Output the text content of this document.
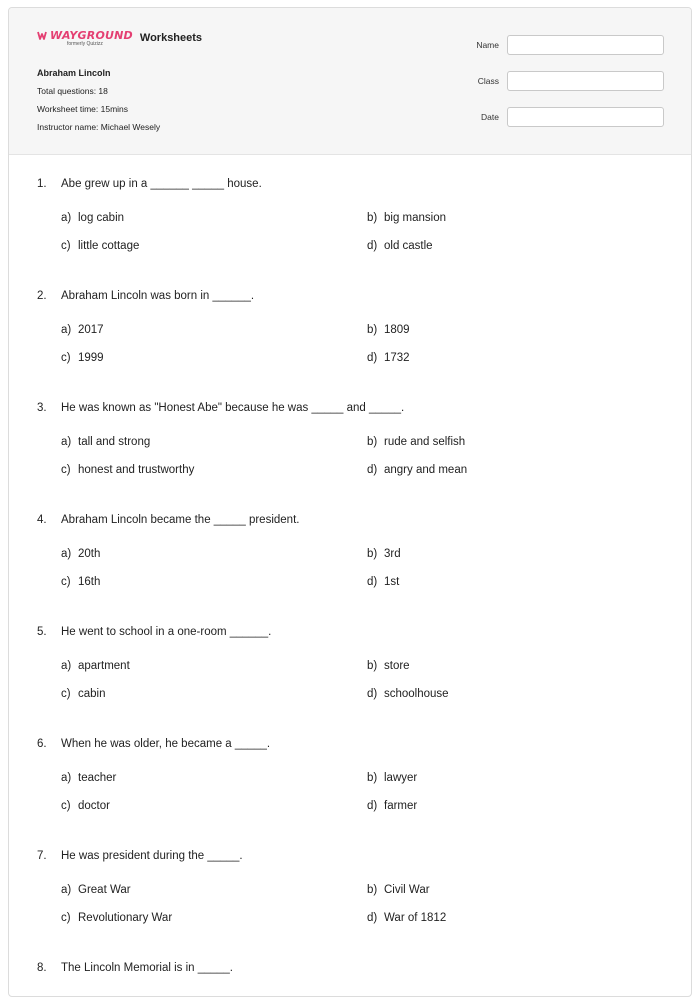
WAYGROUND
formerly Quizizz	Worksheets
Abraham Lincoln
Total questions: 18
Worksheet time: 15mins
Instructor name: Michael Wesely
Name
Class
Date
1. Abe grew up in a ______ _____ house.
a) log cabin	b) big mansion
c) little cottage	d) old castle
2. Abraham Lincoln was born in ______.
a) 2017	b) 1809
c) 1999	d) 1732
3. He was known as "Honest Abe" because he was _____ and _____.
a) tall and strong	b) rude and selfish
c) honest and trustworthy	d) angry and mean
4. Abraham Lincoln became the _____ president.
a) 20th	b) 3rd
c) 16th	d) 1st
5. He went to school in a one-room ______.
a) apartment	b) store
c) cabin	d) schoolhouse
6. When he was older, he became a _____.
a) teacher	b) lawyer
c) doctor	d) farmer
7. He was president during the _____.
a) Great War	b) Civil War
c) Revolutionary War	d) War of 1812
8. The Lincoln Memorial is in _____.
